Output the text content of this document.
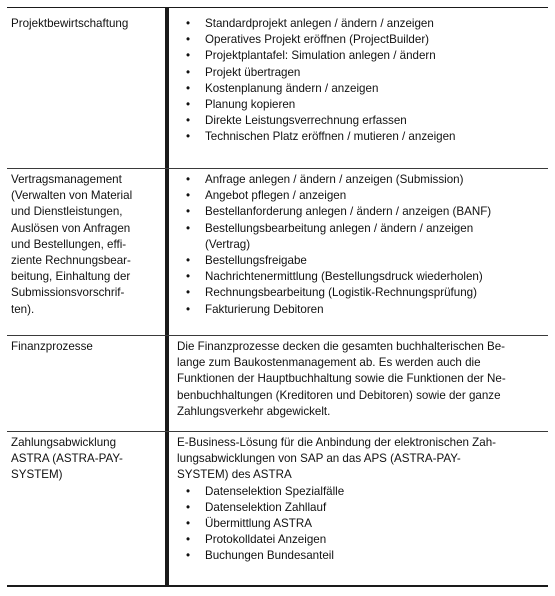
Projektbewirtschaftung
•	Standardprojekt anlegen / ändern / anzeigen
• Operatives Projekt eröffnen (ProjectBuilder)
• Projektplantafel: Simulation anlegen / ändern
• Projekt übertragen
• Kostenplanung ändern / anzeigen
• Planung kopieren
• Direkte Leistungsverrechnung erfassen
• Technischen Platz eröffnen / mutieren / anzeigen
Vertragsmanagement
(Verwalten von Material
und Dienstleistungen,
Auslösen von Anfragen
und Bestellungen, effi-
ziente Rechnungsbear-
beitung, Einhaltung der
Submissionsvorschrif-
ten).
• Anfrage anlegen / ändern / anzeigen (Submission)
• Angebot pflegen / anzeigen
• Bestellanforderung anlegen / ändern / anzeigen (BANF)
• Bestellungsbearbeitung anlegen / ändern / anzeigen
(Vertrag)
• Bestellungsfreigabe
• Nachrichtenermittlung (Bestellungsdruck wiederholen)
• Rechnungsbearbeitung (Logistik-Rechnungsprüfung)
• Fakturierung Debitoren
Finanzprozesse	Die Finanzprozesse decken die gesamten buchhalterischen Be-
lange zum Baukostenmanagement ab. Es werden auch die
Funktionen der Hauptbuchhaltung sowie die Funktionen der Ne-
benbuchhaltungen (Kreditoren und Debitoren) sowie der ganze
Zahlungsverkehr abgewickelt.
Zahlungsabwicklung
ASTRA (ASTRA-PAY-
SYSTEM)
E-Business-Lösung für die Anbindung der elektronischen Zah-
lungsabwicklungen von SAP an das APS (ASTRA-PAY-
SYSTEM) des ASTRA
• Datenselektion Spezialfälle
• Datenselektion Zahllauf
• Übermittlung ASTRA
• Protokolldatei Anzeigen
• Buchungen Bundesanteil
